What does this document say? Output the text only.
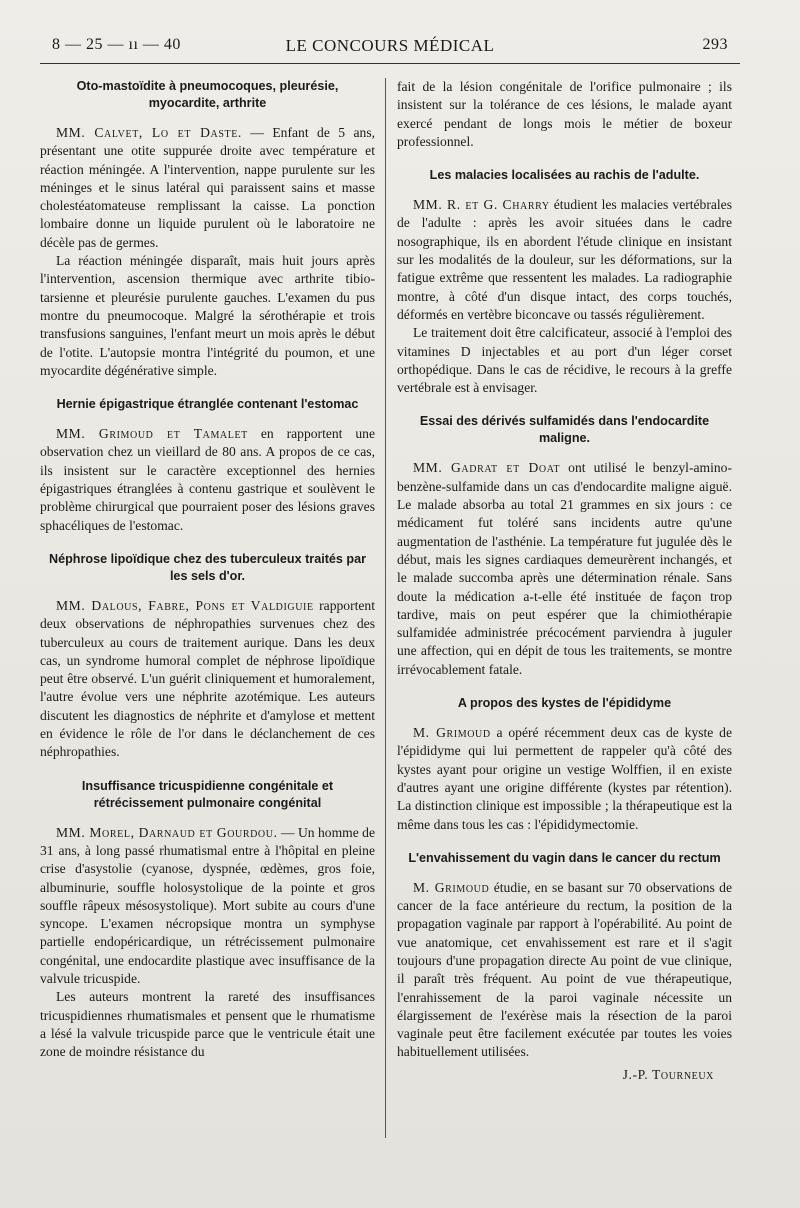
8 — 25 — ıı — 40	LE CONCOURS MÉDICAL	293
Oto-mastoïdite à pneumocoques, pleurésie, myocardite, arthrite

MM. Calvet, Lo et Daste. — Enfant de 5 ans, présentant une otite suppurée droite avec température et réaction méningée. A l'intervention, nappe purulente sur les méninges et le sinus latéral qui paraissent sains et masse cholestéatomateuse remplissant la caisse. La ponction lombaire donne un liquide purulent où le laboratoire ne décèle pas de germes.

La réaction méningée disparaît, mais huit jours après l'intervention, ascension thermique avec arthrite tibio-tarsienne et pleurésie purulente gauches. L'examen du pus montre du pneumocoque. Malgré la sérothérapie et trois transfusions sanguines, l'enfant meurt un mois après le début de l'otite. L'autopsie montra l'intégrité du poumon, et une myocardite dégénérative simple.

Hernie épigastrique étranglée contenant l'estomac

MM. Grimoud et Tamalet en rapportent une observation chez un vieillard de 80 ans. A propos de ce cas, ils insistent sur le caractère exceptionnel des hernies épigastriques étranglées à contenu gastrique et soulèvent le problème chirurgical que pourraient poser des lésions graves sphacéliques de l'estomac.

Néphrose lipoïdique chez des tuberculeux traités par les sels d'or.

MM. Dalous, Fabre, Pons et Valdiguie rapportent deux observations de néphropathies survenues chez des tuberculeux au cours de traitement aurique. Dans les deux cas, un syndrome humoral complet de néphrose lipoïdique peut être observé. L'un guérit cliniquement et humoralement, l'autre évolue vers une néphrite azotémique. Les auteurs discutent les diagnostics de néphrite et d'amylose et mettent en évidence le rôle de l'or dans le déclanchement de ces néphropathies.

Insuffisance tricuspidienne congénitale et rétrécissement pulmonaire congénital

MM. Morel, Darnaud et Gourdou. — Un homme de 31 ans, à long passé rhumatismal entre à l'hôpital en pleine crise d'asystolie (cyanose, dyspnée, œdèmes, gros foie, albuminurie, souffle holosystolique de la pointe et gros souffle râpeux mésosystolique). Mort subite au cours d'une syncope. L'examen nécropsique montra un symphyse partielle endopéricardique, un rétrécissement pulmonaire congénital, une endocardite plastique avec insuffisance de la valvule tricuspide.

Les auteurs montrent la rareté des insuffisances tricuspidiennes rhumatismales et pensent que le rhumatisme a lésé la valvule tricuspide parce que le ventricule était une zone de moindre résistance du

fait de la lésion congénitale de l'orifice pulmonaire ; ils insistent sur la tolérance de ces lésions, le malade ayant exercé pendant de longs mois le métier de boxeur professionnel.

Les malacies localisées au rachis de l'adulte.

MM. R. et G. Charry étudient les malacies vertébrales de l'adulte : après les avoir situées dans le cadre nosographique, ils en abordent l'étude clinique en insistant sur les modalités de la douleur, sur les déformations, sur la fatigue extrême que ressentent les malades. La radiographie montre, à côté d'un disque intact, des corps touchés, déformés en vertèbre biconcave ou tassés régulièrement.

Le traitement doit être calcificateur, associé à l'emploi des vitamines D injectables et au port d'un léger corset orthopédique. Dans le cas de récidive, le recours à la greffe vertébrale est à envisager.

Essai des dérivés sulfamidés dans l'endocardite maligne.

MM. Gadrat et Doat ont utilisé le benzyl-amino-benzène-sulfamide dans un cas d'endocardite maligne aiguë. Le malade absorba au total 21 grammes en six jours : ce médicament fut toléré sans incidents autre qu'une augmentation de l'asthénie. La température fut jugulée dès le début, mais les signes cardiaques demeurèrent inchangés, et le malade succomba après une détermination rénale. Sans doute la médication a-t-elle été instituée de façon trop tardive, mais on peut espérer que la chimiothérapie sulfamidée administrée précocément parviendra à juguler une affection, qui en dépit de tous les traitements, se montre irrévocablement fatale.

A propos des kystes de l'épididyme

M. Grimoud a opéré récemment deux cas de kyste de l'épididyme qui lui permettent de rappeler qu'à côté des kystes ayant pour origine un vestige Wolffien, il en existe d'autres ayant une origine différente (kystes par rétention). La distinction clinique est impossible ; la thérapeutique est la même dans tous les cas : l'épididymectomie.

L'envahissement du vagin dans le cancer du rectum

M. Grimoud étudie, en se basant sur 70 observations de cancer de la face antérieure du rectum, la position de la propagation vaginale par rapport à l'opérabilité. Au point de vue anatomique, cet envahissement est rare et il s'agit toujours d'une propagation directe Au point de vue clinique, il paraît très fréquent. Au point de vue thérapeutique, l'enrahissement de la paroi vaginale nécessite un élargissement de l'exérèse mais la résection de la paroi vaginale peut être facilement exécutée par toutes les voies habituellement utilisées.

J.-P. Tourneux
